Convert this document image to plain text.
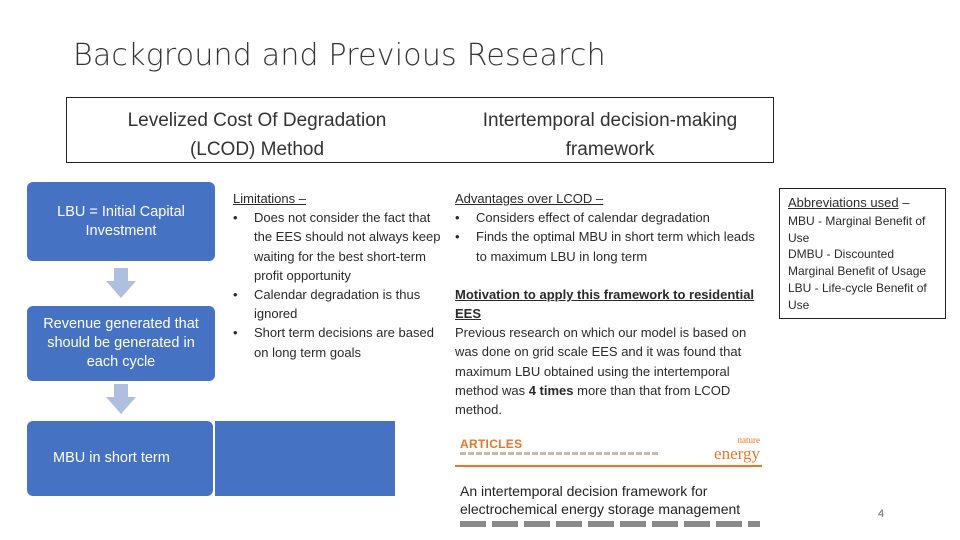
Background and Previous Research
Levelized Cost Of Degradation
(LCOD) Method
Intertemporal decision-making
framework
LBU = Initial Capital Investment
Revenue generated that should be generated in each cycle
MBU in short term
Limitations –
•	Does not consider the fact that the EES should not always keep waiting for the best short-term profit opportunity
•	Calendar degradation is thus ignored
•	Short term decisions are based on long term goals
Advantages over LCOD –
•	Considers effect of calendar degradation
•	Finds the optimal MBU in short term which leads to maximum LBU in long term
Motivation to apply this framework to residential EES
Previous research on which our model is based on was done on grid scale EES and it was found that maximum LBU obtained using the intertemporal method was 4 times more than that from LCOD method.
ARTICLES	nature
energy
An intertemporal decision framework for electrochemical energy storage management
Abbreviations used –
MBU - Marginal Benefit of Use
DMBU - Discounted Marginal Benefit of Usage
LBU - Life-cycle Benefit of Use
4
